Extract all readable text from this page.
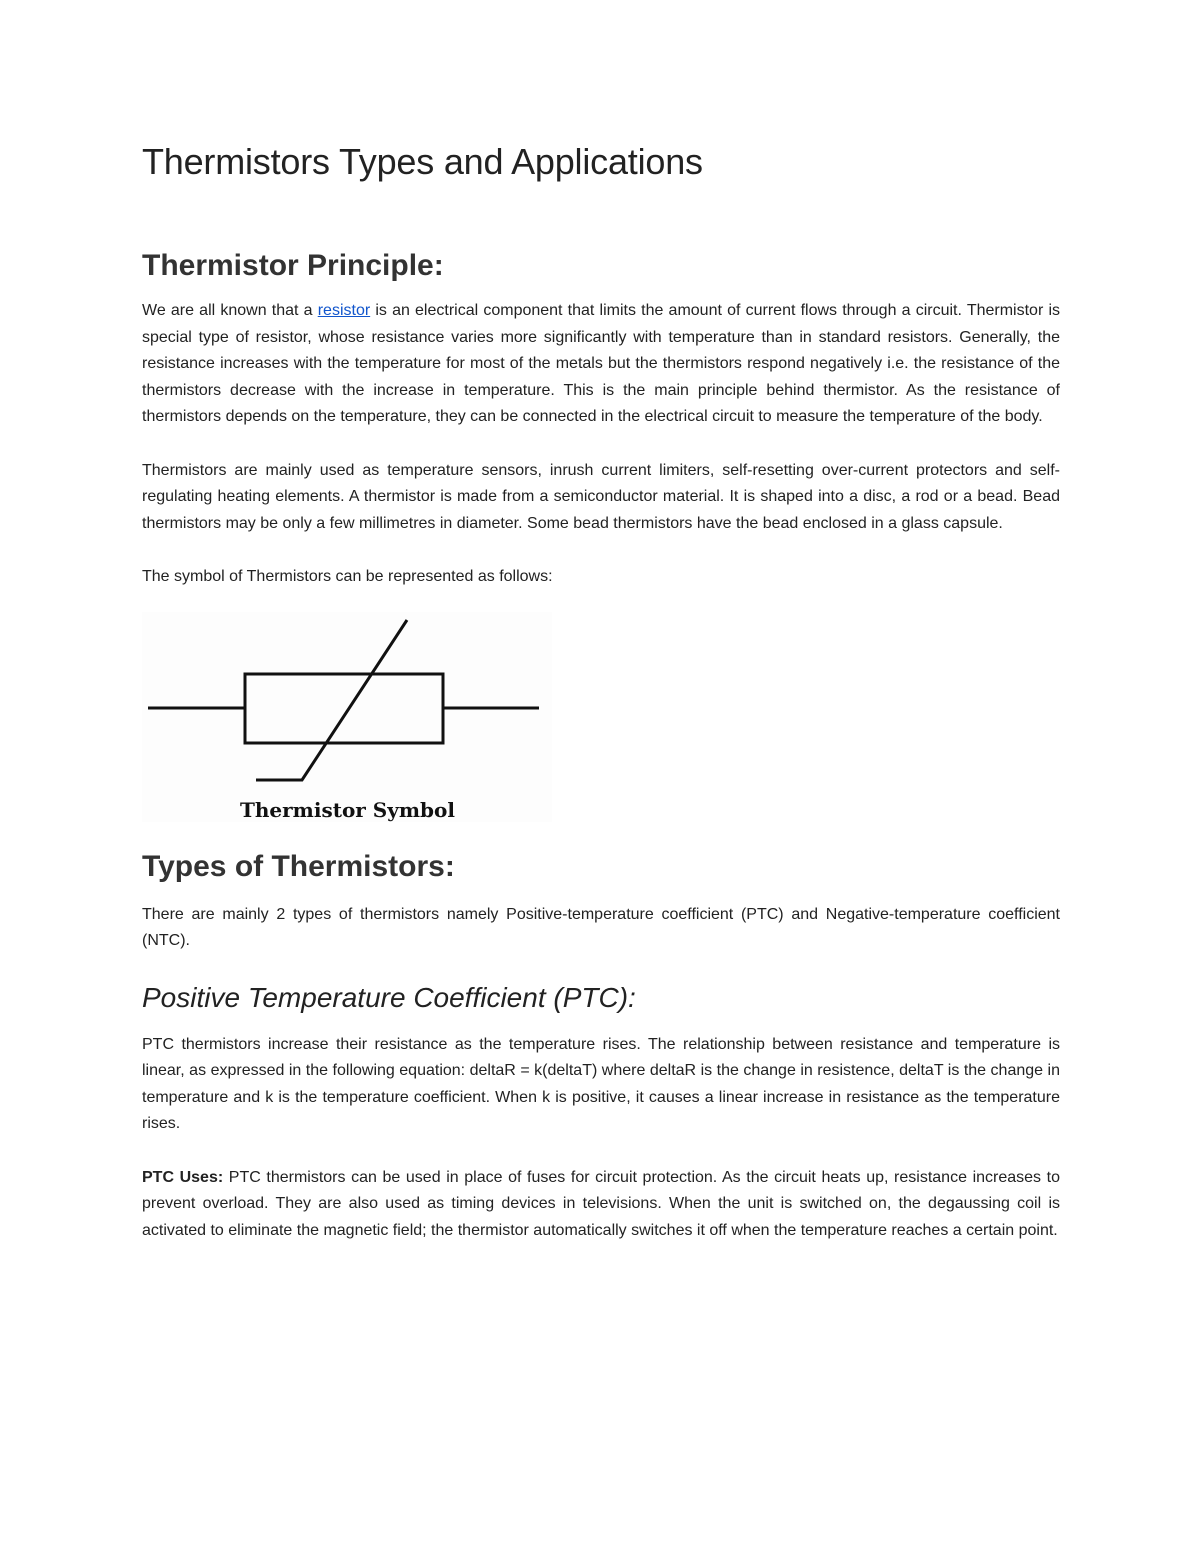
Thermistors Types and Applications
Thermistor Principle:

We are all known that a resistor is an electrical component that limits the amount of current flows through a circuit. Thermistor is special type of resistor, whose resistance varies more significantly with temperature than in standard resistors. Generally, the resistance increases with the temperature for most of the metals but the thermistors respond negatively i.e. the resistance of the thermistors decrease with the increase in temperature. This is the main principle behind thermistor. As the resistance of thermistors depends on the temperature, they can be connected in the electrical circuit to measure the temperature of the body.

Thermistors are mainly used as temperature sensors, inrush current limiters, self-resetting over-current protectors and self-regulating heating elements. A thermistor is made from a semiconductor material. It is shaped into a disc, a rod or a bead. Bead thermistors may be only a few millimetres in diameter. Some bead thermistors have the bead enclosed in a glass capsule.

The symbol of Thermistors can be represented as follows:

Thermistor Symbol
Types of Thermistors:

There are mainly 2 types of thermistors namely Positive-temperature coefficient (PTC) and Negative-temperature coefficient (NTC).

Positive Temperature Coefficient (PTC):

PTC thermistors increase their resistance as the temperature rises. The relationship between resistance and temperature is linear, as expressed in the following equation: deltaR = k(deltaT) where deltaR is the change in resistence, deltaT is the change in temperature and k is the temperature coefficient. When k is positive, it causes a linear increase in resistance as the temperature rises.

PTC Uses: PTC thermistors can be used in place of fuses for circuit protection. As the circuit heats up, resistance increases to prevent overload. They are also used as timing devices in televisions. When the unit is switched on, the degaussing coil is activated to eliminate the magnetic field; the thermistor automatically switches it off when the temperature reaches a certain point.
